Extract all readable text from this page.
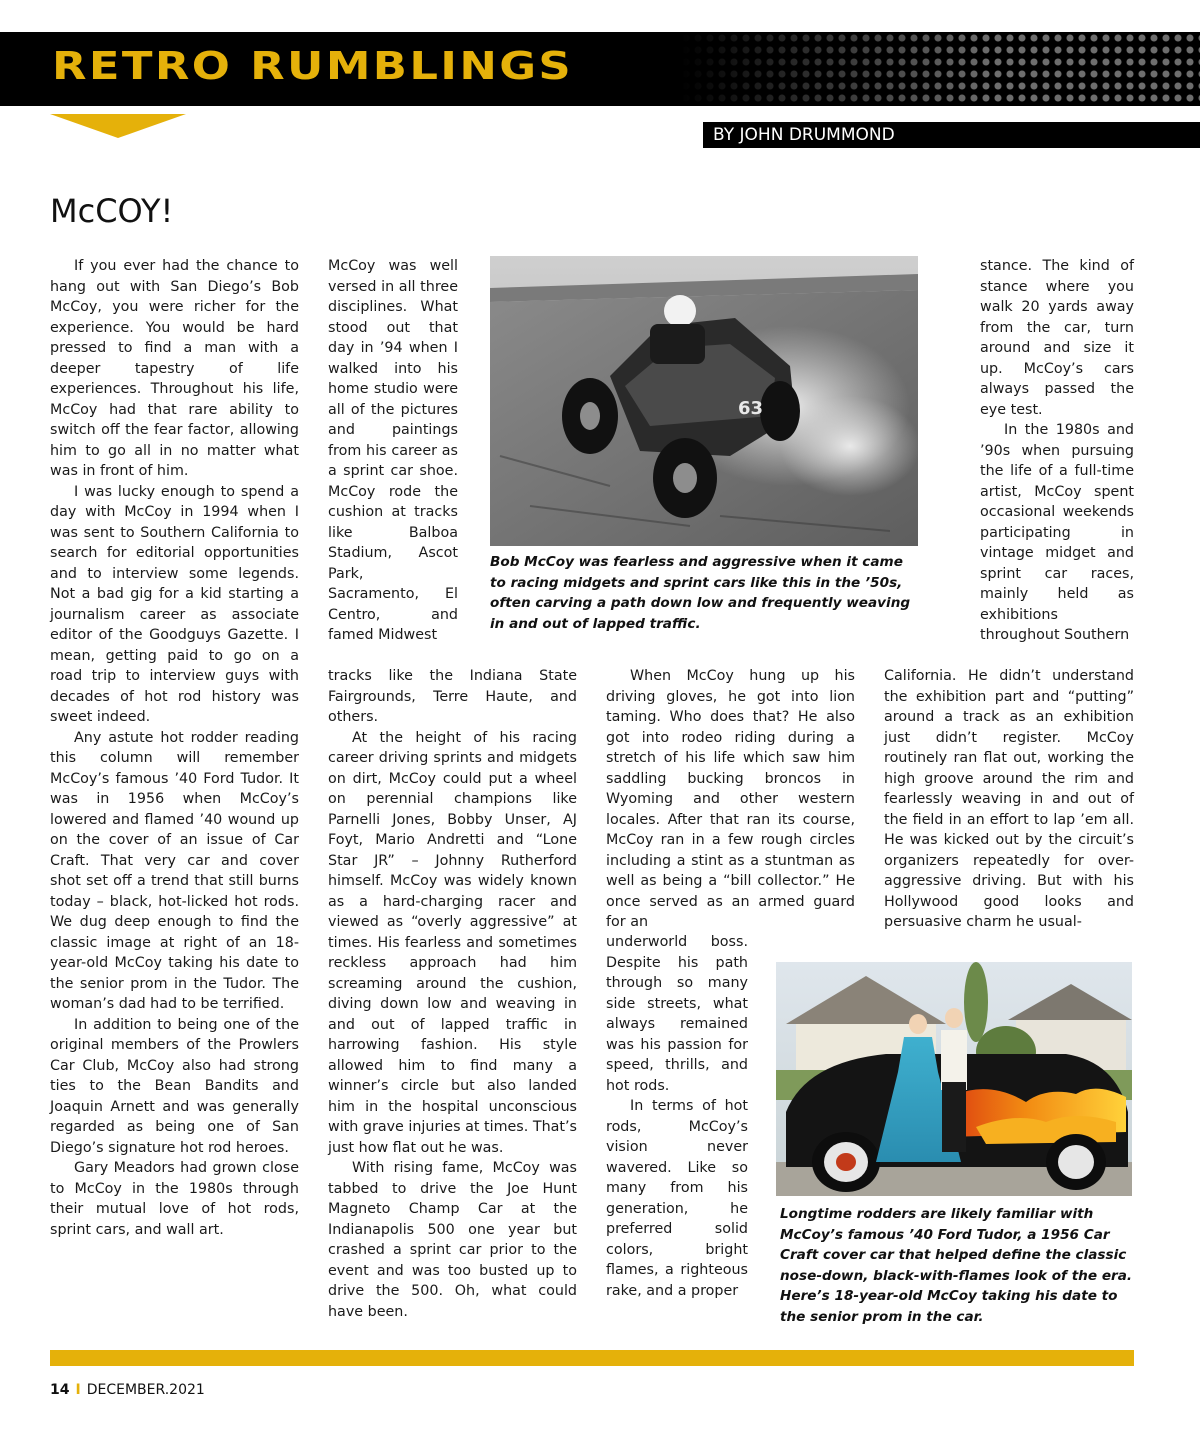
RETRO RUMBLINGS
BY JOHN DRUMMOND
McCOY!

If you ever had the chance to hang out with San Diego’s Bob McCoy, you were richer for the experience. You would be hard pressed to find a man with a deeper tapestry of life experiences. Throughout his life, McCoy had that rare ability to switch off the fear factor, allowing him to go all in no matter what was in front of him.

I was lucky enough to spend a day with McCoy in 1994 when I was sent to Southern California to search for editorial opportunities and to interview some legends. Not a bad gig for a kid starting a journalism career as associate editor of the Goodguys Gazette. I mean, getting paid to go on a road trip to interview guys with decades of hot rod history was sweet indeed.

Any astute hot rodder reading this column will remember McCoy’s famous ’40 Ford Tudor. It was in 1956 when McCoy’s lowered and flamed ’40 wound up on the cover of an issue of Car Craft. That very car and cover shot set off a trend that still burns today – black, hot-licked hot rods. We dug deep enough to find the classic image at right of an 18-year-old McCoy taking his date to the senior prom in the Tudor. The woman’s dad had to be terrified.

In addition to being one of the original members of the Prowlers Car Club, McCoy also had strong ties to the Bean Bandits and Joaquin Arnett and was generally regarded as being one of San Diego’s signature hot rod heroes.

Gary Meadors had grown close to McCoy in the 1980s through their mutual love of hot rods, sprint cars, and wall art.

McCoy was well versed in all three disciplines. What stood out that day in ’94 when I walked into his home studio were all of the pictures and paintings from his career as a sprint car shoe. McCoy rode the cushion at tracks like Balboa Stadium, Ascot Park, Sacramento, El Centro, and famed Midwest

tracks like the Indiana State Fairgrounds, Terre Haute, and others.

At the height of his racing career driving sprints and midgets on dirt, McCoy could put a wheel on perennial champions like Parnelli Jones, Bobby Unser, AJ Foyt, Mario Andretti and “Lone Star JR” – Johnny Rutherford himself. McCoy was widely known as a hard-charging racer and viewed as “overly aggressive” at times. His fearless and sometimes reckless approach had him screaming around the cushion, diving down low and weaving in and out of lapped traffic in harrowing fashion. His style allowed him to find many a winner’s circle but also landed him in the hospital unconscious with grave injuries at times. That’s just how flat out he was.

With rising fame, McCoy was tabbed to drive the Joe Hunt Magneto Champ Car at the Indianapolis 500 one year but crashed a sprint car prior to the event and was too busted up to drive the 500. Oh, what could have been.

63
Bob McCoy was fearless and aggressive when it came to racing midgets and sprint cars like this in the ’50s, often carving a path down low and frequently weaving in and out of lapped traffic.

When McCoy hung up his driving gloves, he got into lion taming. Who does that? He also got into rodeo riding during a stretch of his life which saw him saddling bucking broncos in Wyoming and other western locales. After that ran its course, McCoy ran in a few rough circles including a stint as a stuntman as well as being a “bill collector.” He once served as an armed guard for an

underworld boss. Despite his path through so many side streets, what always remained was his passion for speed, thrills, and hot rods.

In terms of hot rods, McCoy’s vision never wavered. Like so many from his generation, he preferred solid colors, bright flames, a righteous rake, and a proper

stance. The kind of stance where you walk 20 yards away from the car, turn around and size it up. McCoy’s cars always passed the eye test.

In the 1980s and ’90s when pursuing the life of a full-time artist, McCoy spent occasional weekends participating in vintage midget and sprint car races, mainly held as exhibitions throughout Southern

California. He didn’t understand the exhibition part and “putting” around a track as an exhibition just didn’t register. McCoy routinely ran flat out, working the high groove around the rim and fearlessly weaving in and out of the field in an effort to lap ’em all. He was kicked out by the circuit’s organizers repeatedly for over-aggressive driving. But with his Hollywood good looks and persuasive charm he usual-

Longtime rodders are likely familiar with McCoy’s famous ’40 Ford Tudor, a 1956 Car Craft cover car that helped define the classic nose-down, black-with-flames look of the era. Here’s 18-year-old McCoy taking his date to the senior prom in the car.
14 I DECEMBER.2021
